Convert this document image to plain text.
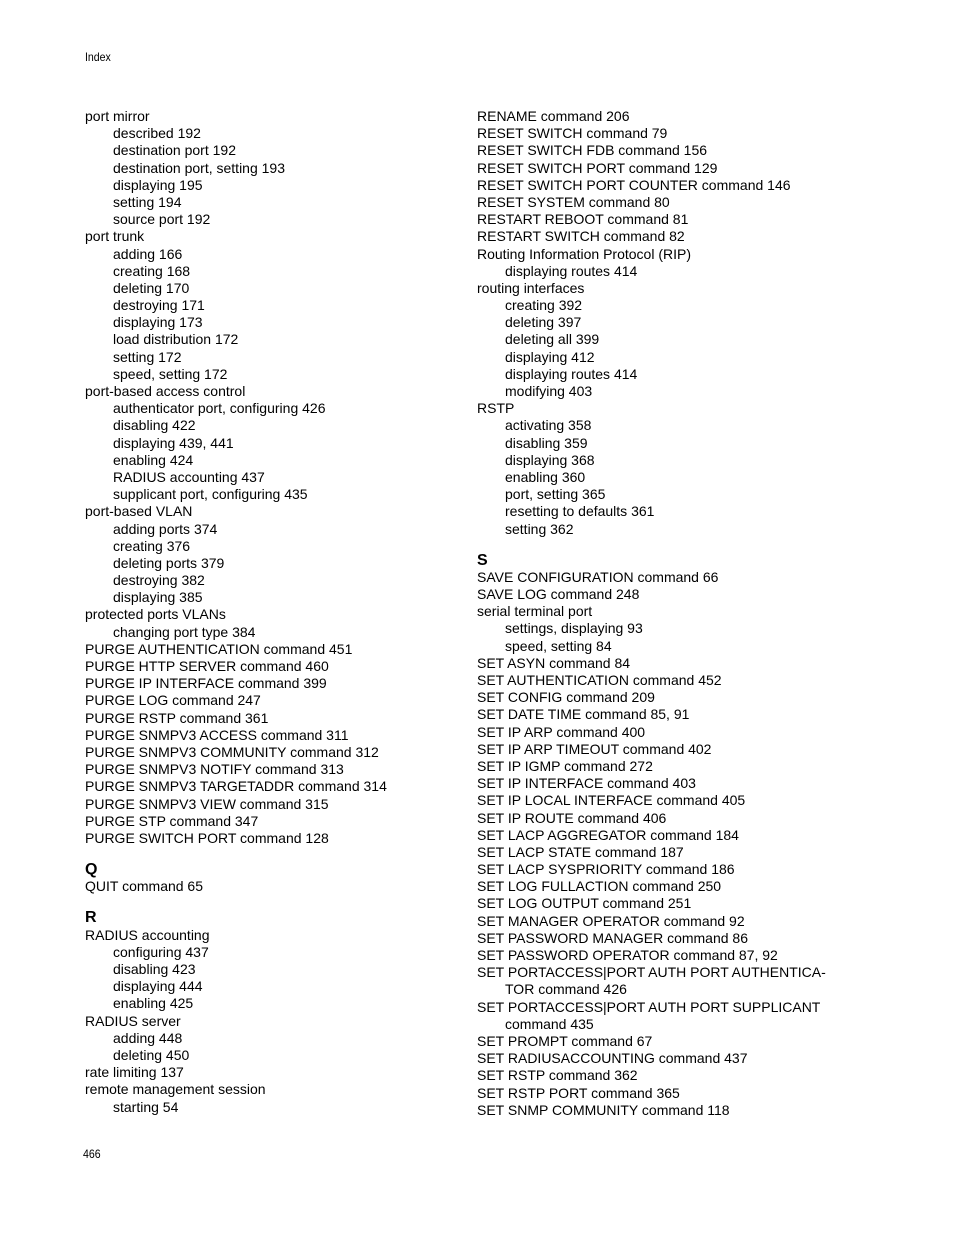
Index
port mirror
described 192
destination port 192
destination port, setting 193
displaying 195
setting 194
source port 192
port trunk
adding 166
creating 168
deleting 170
destroying 171
displaying 173
load distribution 172
setting 172
speed, setting 172
port-based access control
authenticator port, configuring 426
disabling 422
displaying 439, 441
enabling 424
RADIUS accounting 437
supplicant port, configuring 435
port-based VLAN
adding ports 374
creating 376
deleting ports 379
destroying 382
displaying 385
protected ports VLANs
changing port type 384
PURGE AUTHENTICATION command 451
PURGE HTTP SERVER command 460
PURGE IP INTERFACE command 399
PURGE LOG command 247
PURGE RSTP command 361
PURGE SNMPV3 ACCESS command 311
PURGE SNMPV3 COMMUNITY command 312
PURGE SNMPV3 NOTIFY command 313
PURGE SNMPV3 TARGETADDR command 314
PURGE SNMPV3 VIEW command 315
PURGE STP command 347
PURGE SWITCH PORT command 128
Q
QUIT command 65
R
RADIUS accounting
configuring 437
disabling 423
displaying 444
enabling 425
RADIUS server
adding 448
deleting 450
rate limiting 137
remote management session
starting 54
RENAME command 206
RESET SWITCH command 79
RESET SWITCH FDB command 156
RESET SWITCH PORT command 129
RESET SWITCH PORT COUNTER command 146
RESET SYSTEM command 80
RESTART REBOOT command 81
RESTART SWITCH command 82
Routing Information Protocol (RIP)
displaying routes 414
routing interfaces
creating 392
deleting 397
deleting all 399
displaying 412
displaying routes 414
modifying 403
RSTP
activating 358
disabling 359
displaying 368
enabling 360
port, setting 365
resetting to defaults 361
setting 362
S
SAVE CONFIGURATION command 66
SAVE LOG command 248
serial terminal port
settings, displaying 93
speed, setting 84
SET ASYN command 84
SET AUTHENTICATION command 452
SET CONFIG command 209
SET DATE TIME command 85, 91
SET IP ARP command 400
SET IP ARP TIMEOUT command 402
SET IP IGMP command 272
SET IP INTERFACE command 403
SET IP LOCAL INTERFACE command 405
SET IP ROUTE command 406
SET LACP AGGREGATOR command 184
SET LACP STATE command 187
SET LACP SYSPRIORITY command 186
SET LOG FULLACTION command 250
SET LOG OUTPUT command 251
SET MANAGER OPERATOR command 92
SET PASSWORD MANAGER command 86
SET PASSWORD OPERATOR command 87, 92
SET PORTACCESS|PORT AUTH PORT AUTHENTICA-
TOR command 426
SET PORTACCESS|PORT AUTH PORT SUPPLICANT
command 435
SET PROMPT command 67
SET RADIUSACCOUNTING command 437
SET RSTP command 362
SET RSTP PORT command 365
SET SNMP COMMUNITY command 118
466
